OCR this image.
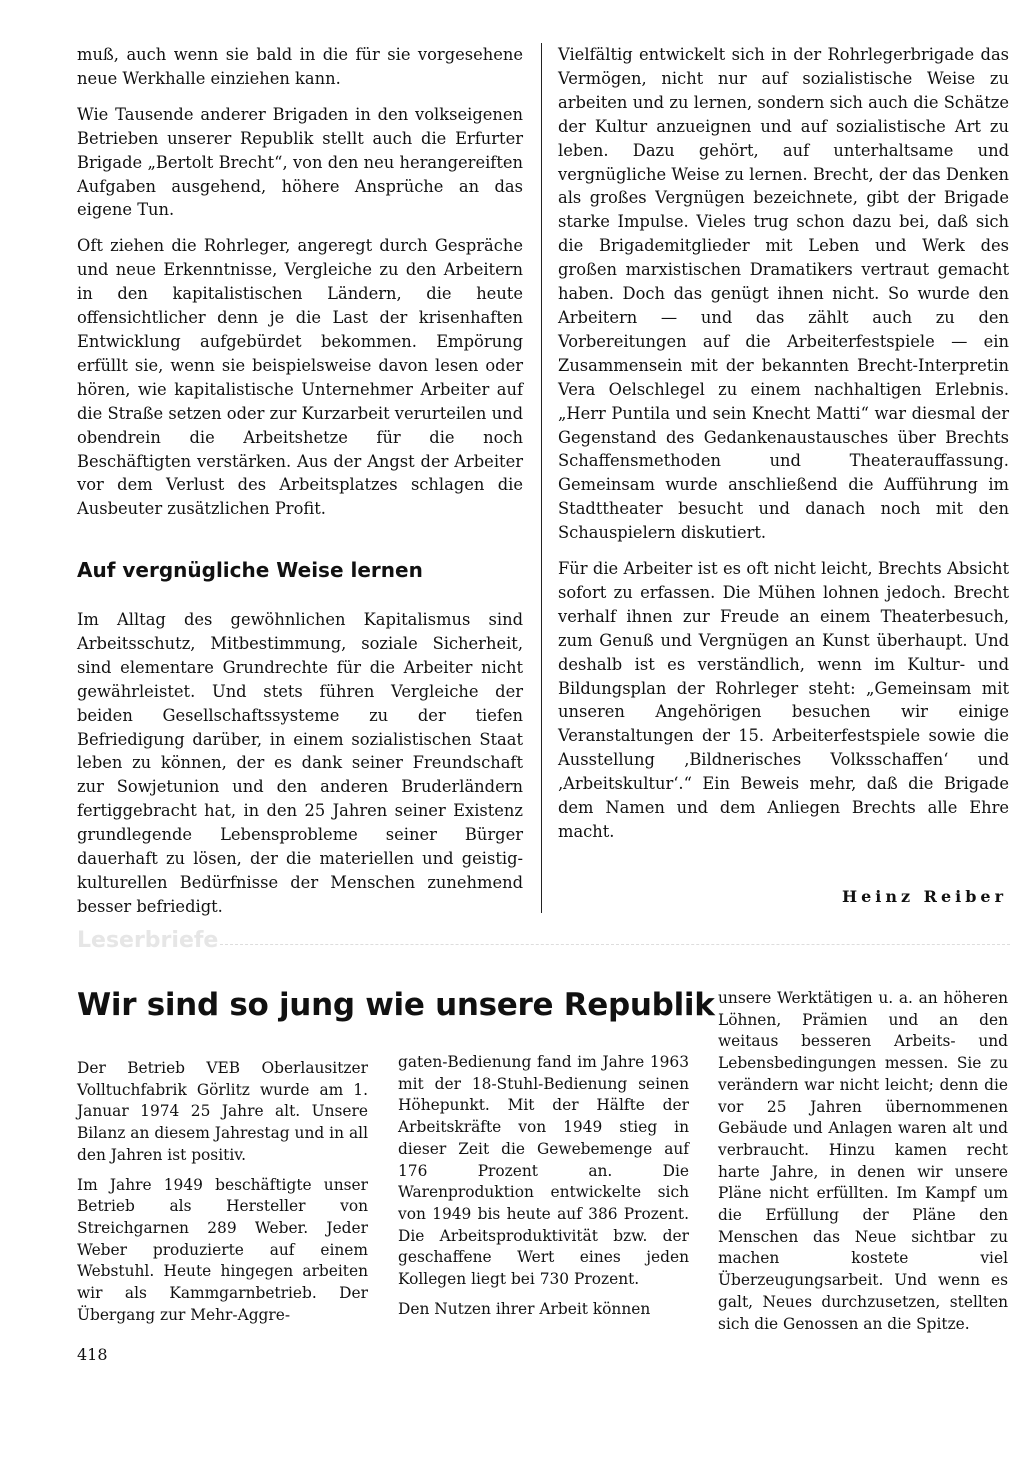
muß, auch wenn sie bald in die für sie vorgesehene neue Werkhalle einziehen kann.

Wie Tausende anderer Brigaden in den volkseigenen Betrieben unserer Republik stellt auch die Erfurter Brigade „Bertolt Brecht“, von den neu herangereiften Aufgaben ausgehend, höhere Ansprüche an das eigene Tun.

Oft ziehen die Rohrleger, angeregt durch Gespräche und neue Erkenntnisse, Vergleiche zu den Arbeitern in den kapitalistischen Ländern, die heute offensichtlicher denn je die Last der krisenhaften Entwicklung aufgebürdet bekommen. Empörung erfüllt sie, wenn sie beispielsweise davon lesen oder hören, wie kapitalistische Unternehmer Arbeiter auf die Straße setzen oder zur Kurzarbeit verurteilen und obendrein die Arbeitshetze für die noch Beschäftigten verstärken. Aus der Angst der Arbeiter vor dem Verlust des Arbeitsplatzes schlagen die Ausbeuter zusätzlichen Profit.

Auf vergnügliche Weise lernen

Im Alltag des gewöhnlichen Kapitalismus sind Arbeitsschutz, Mitbestimmung, soziale Sicherheit, sind elementare Grundrechte für die Arbeiter nicht gewährleistet. Und stets führen Vergleiche der beiden Gesellschaftssysteme zu der tiefen Befriedigung darüber, in einem sozialistischen Staat leben zu können, der es dank seiner Freundschaft zur Sowjetunion und den anderen Bruderländern fertiggebracht hat, in den 25 Jahren seiner Existenz grundlegende Lebensprobleme seiner Bürger dauerhaft zu lösen, der die materiellen und geistig-kulturellen Bedürfnisse der Menschen zunehmend besser befriedigt.

Vielfältig entwickelt sich in der Rohrlegerbrigade das Vermögen, nicht nur auf sozialistische Weise zu arbeiten und zu lernen, sondern sich auch die Schätze der Kultur anzueignen und auf sozialistische Art zu leben. Dazu gehört, auf unterhaltsame und vergnügliche Weise zu lernen. Brecht, der das Denken als großes Vergnügen bezeichnete, gibt der Brigade starke Impulse. Vieles trug schon dazu bei, daß sich die Brigademitglieder mit Leben und Werk des großen marxistischen Dramatikers vertraut gemacht haben. Doch das genügt ihnen nicht. So wurde den Arbeitern — und das zählt auch zu den Vorbereitungen auf die Arbeiterfestspiele — ein Zusammensein mit der bekannten Brecht-Interpretin Vera Oelschlegel zu einem nachhaltigen Erlebnis. „Herr Puntila und sein Knecht Matti“ war diesmal der Gegenstand des Gedankenaustausches über Brechts Schaffensmethoden und Theaterauffassung. Gemeinsam wurde anschließend die Aufführung im Stadttheater besucht und danach noch mit den Schauspielern diskutiert.

Für die Arbeiter ist es oft nicht leicht, Brechts Absicht sofort zu erfassen. Die Mühen lohnen jedoch. Brecht verhalf ihnen zur Freude an einem Theaterbesuch, zum Genuß und Vergnügen an Kunst überhaupt. Und deshalb ist es verständlich, wenn im Kultur- und Bildungsplan der Rohrleger steht: „Gemeinsam mit unseren Angehörigen besuchen wir einige Veranstaltungen der 15. Arbeiterfestspiele sowie die Ausstellung ‚Bildnerisches Volksschaffen‘ und ‚Arbeitskultur‘.“ Ein Beweis mehr, daß die Brigade dem Namen und dem Anliegen Brechts alle Ehre macht.

Heinz Reiber
Leserbriefe
Wir sind so jung wie unsere Republik

Der Betrieb VEB Oberlausitzer Volltuchfabrik Görlitz wurde am 1. Januar 1974 25 Jahre alt. Unsere Bilanz an diesem Jahrestag und in all den Jahren ist positiv.

Im Jahre 1949 beschäftigte unser Betrieb als Hersteller von Streichgarnen 289 Weber. Jeder Weber produzierte auf einem Webstuhl. Heute hingegen arbeiten wir als Kammgarnbetrieb. Der Übergang zur Mehr-Aggre-

gaten-Bedienung fand im Jahre 1963 mit der 18-Stuhl-Bedienung seinen Höhepunkt. Mit der Hälfte der Arbeitskräfte von 1949 stieg in dieser Zeit die Gewebemenge auf 176 Prozent an. Die Warenproduktion entwickelte sich von 1949 bis heute auf 386 Prozent. Die Arbeitsproduktivität bzw. der geschaffene Wert eines jeden Kollegen liegt bei 730 Prozent.

Den Nutzen ihrer Arbeit können

unsere Werktätigen u. a. an höheren Löhnen, Prämien und an den weitaus besseren Arbeits- und Lebensbedingungen messen. Sie zu verändern war nicht leicht; denn die vor 25 Jahren übernommenen Gebäude und Anlagen waren alt und verbraucht. Hinzu kamen recht harte Jahre, in denen wir unsere Pläne nicht erfüllten. Im Kampf um die Erfüllung der Pläne den Menschen das Neue sichtbar zu machen kostete viel Überzeugungsarbeit. Und wenn es galt, Neues durchzusetzen, stellten sich die Genossen an die Spitze.

418
